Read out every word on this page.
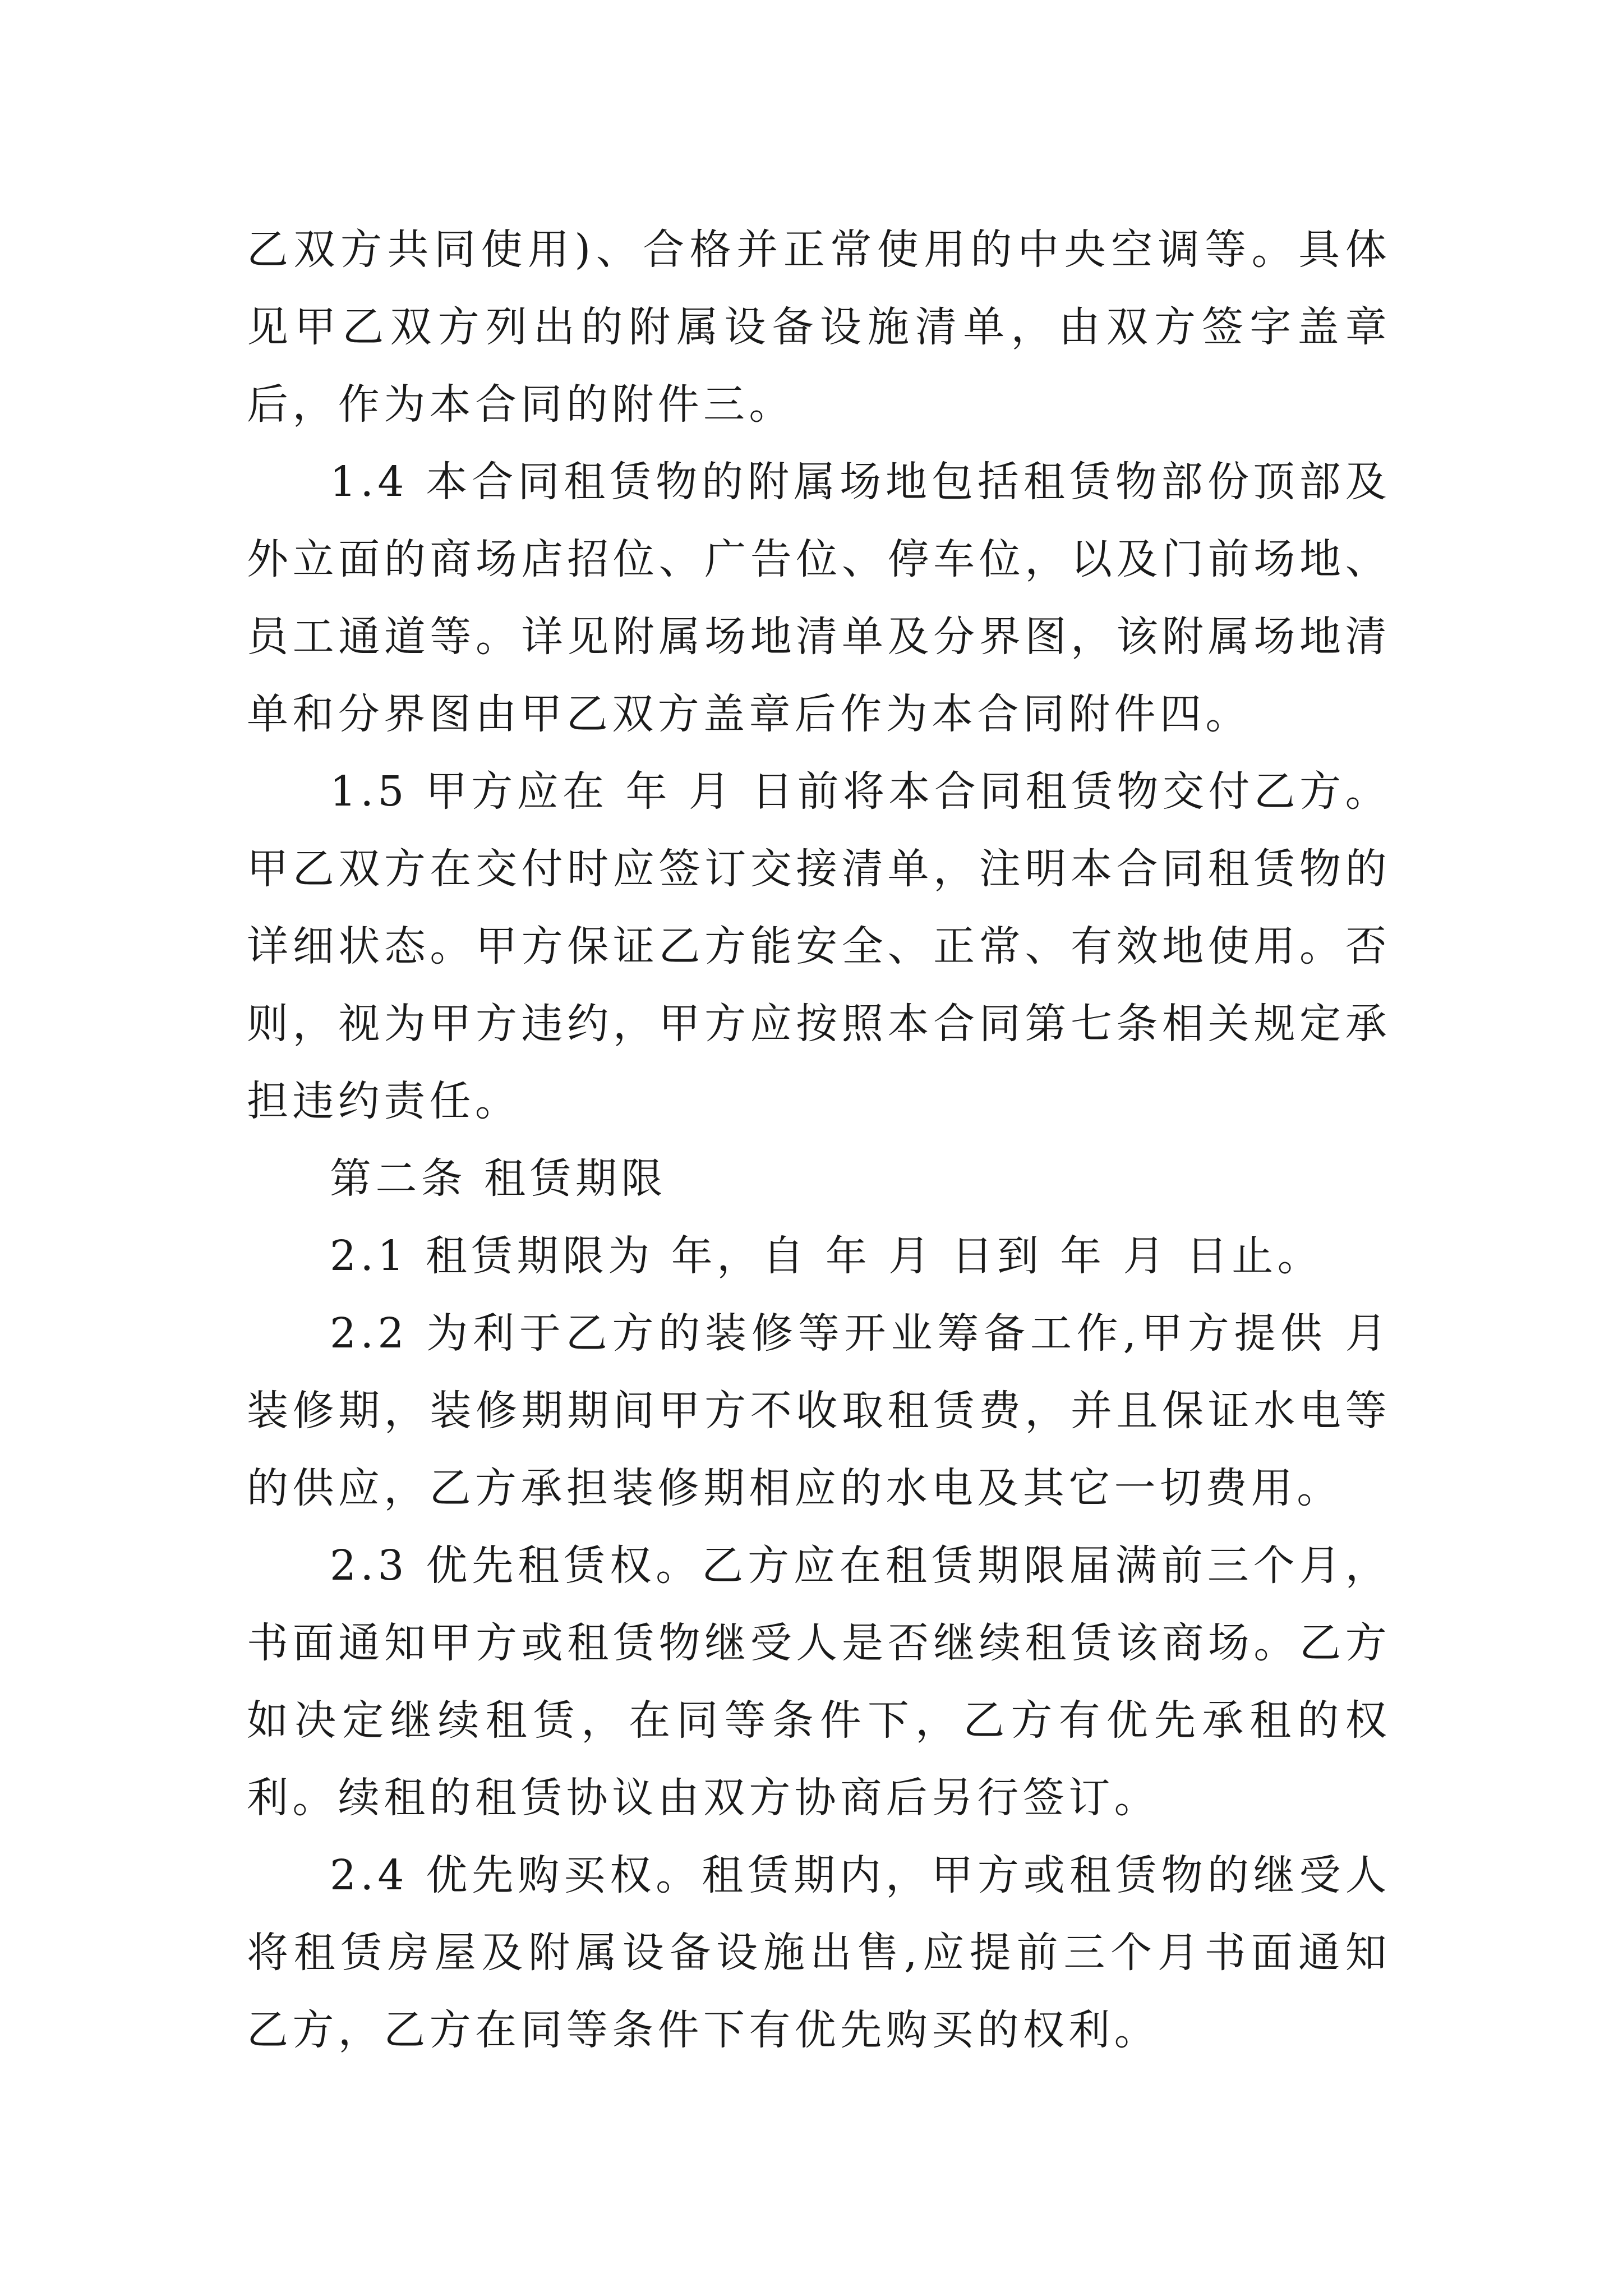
乙双方共同使用)、合格并正常使用的中央空调等。具体见甲乙双方列出的附属设备设施清单，由双方签字盖章后，作为本合同的附件三。

1.4 本合同租赁物的附属场地包括租赁物部份顶部及外立面的商场店招位、广告位、停车位，以及门前场地、员工通道等。详见附属场地清单及分界图，该附属场地清单和分界图由甲乙双方盖章后作为本合同附件四。

1.5 甲方应在 年 月 日前将本合同租赁物交付乙方。甲乙双方在交付时应签订交接清单，注明本合同租赁物的详细状态。甲方保证乙方能安全、正常、有效地使用。否则，视为甲方违约，甲方应按照本合同第七条相关规定承担违约责任。

第二条 租赁期限

2.1 租赁期限为 年，自 年 月 日到 年 月 日止。

2.2 为利于乙方的装修等开业筹备工作,甲方提供 月装修期，装修期期间甲方不收取租赁费，并且保证水电等的供应，乙方承担装修期相应的水电及其它一切费用。

2.3 优先租赁权。乙方应在租赁期限届满前三个月，书面通知甲方或租赁物继受人是否继续租赁该商场。乙方如决定继续租赁，在同等条件下，乙方有优先承租的权利。续租的租赁协议由双方协商后另行签订。

2.4 优先购买权。租赁期内，甲方或租赁物的继受人将租赁房屋及附属设备设施出售,应提前三个月书面通知乙方，乙方在同等条件下有优先购买的权利。
